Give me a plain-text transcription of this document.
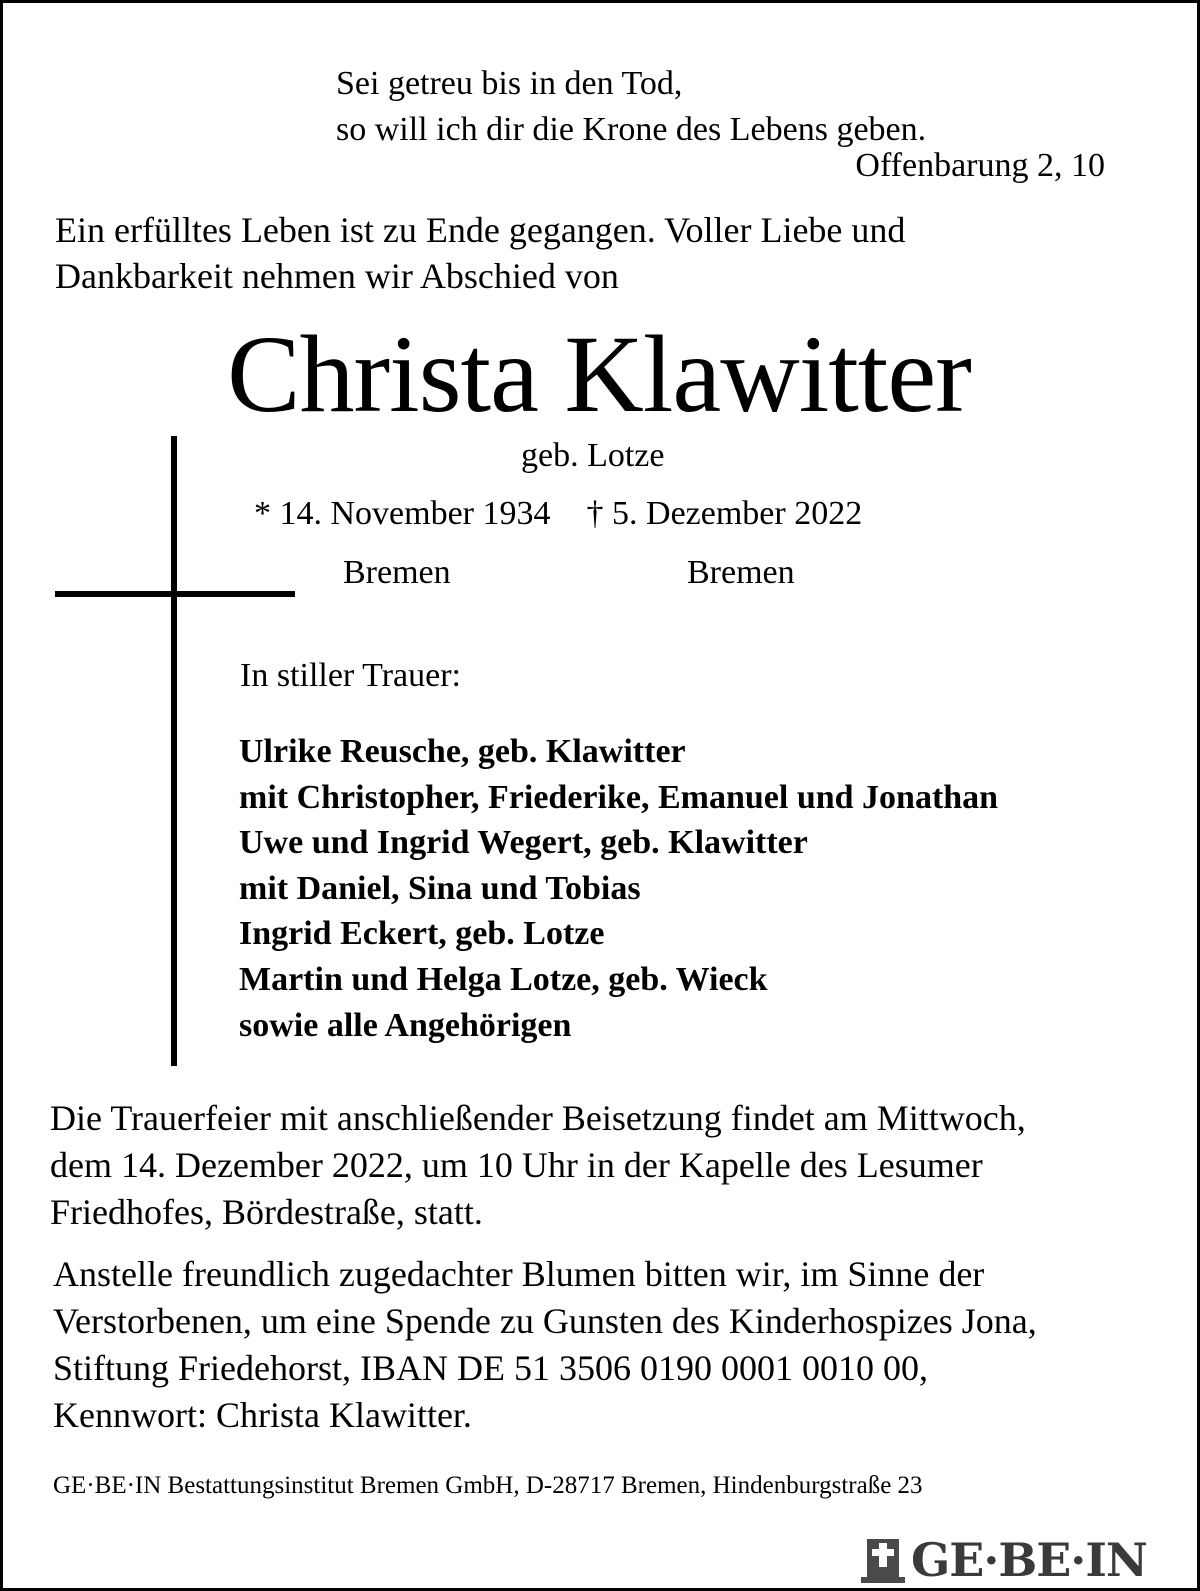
Sei getreu bis in den Tod,
so will ich dir die Krone des Lebens geben.
Offenbarung 2, 10
Ein erfülltes Leben ist zu Ende gegangen. Voller Liebe und
Dankbarkeit nehmen wir Abschied von
Christa Klawitter
geb. Lotze
* 14. November 1934 † 5. Dezember 2022
Bremen	Bremen
In stiller Trauer:
Ulrike Reusche, geb. Klawitter
mit Christopher, Friederike, Emanuel und Jonathan
Uwe und Ingrid Wegert, geb. Klawitter
mit Daniel, Sina und Tobias
Ingrid Eckert, geb. Lotze
Martin und Helga Lotze, geb. Wieck
sowie alle Angehörigen
Die Trauerfeier mit anschließender Beisetzung findet am Mittwoch,
dem 14. Dezember 2022, um 10 Uhr in der Kapelle des Lesumer
Friedhofes, Bördestraße, statt.
Anstelle freundlich zugedachter Blumen bitten wir, im Sinne der
Verstorbenen, um eine Spende zu Gunsten des Kinderhospizes Jona,
Stiftung Friedehorst, IBAN DE 51 3506 0190 0001 0010 00,
Kennwort: Christa Klawitter.
GE·BE·IN Bestattungsinstitut Bremen GmbH, D-28717 Bremen, Hindenburgstraße 23
GE·BE·IN
